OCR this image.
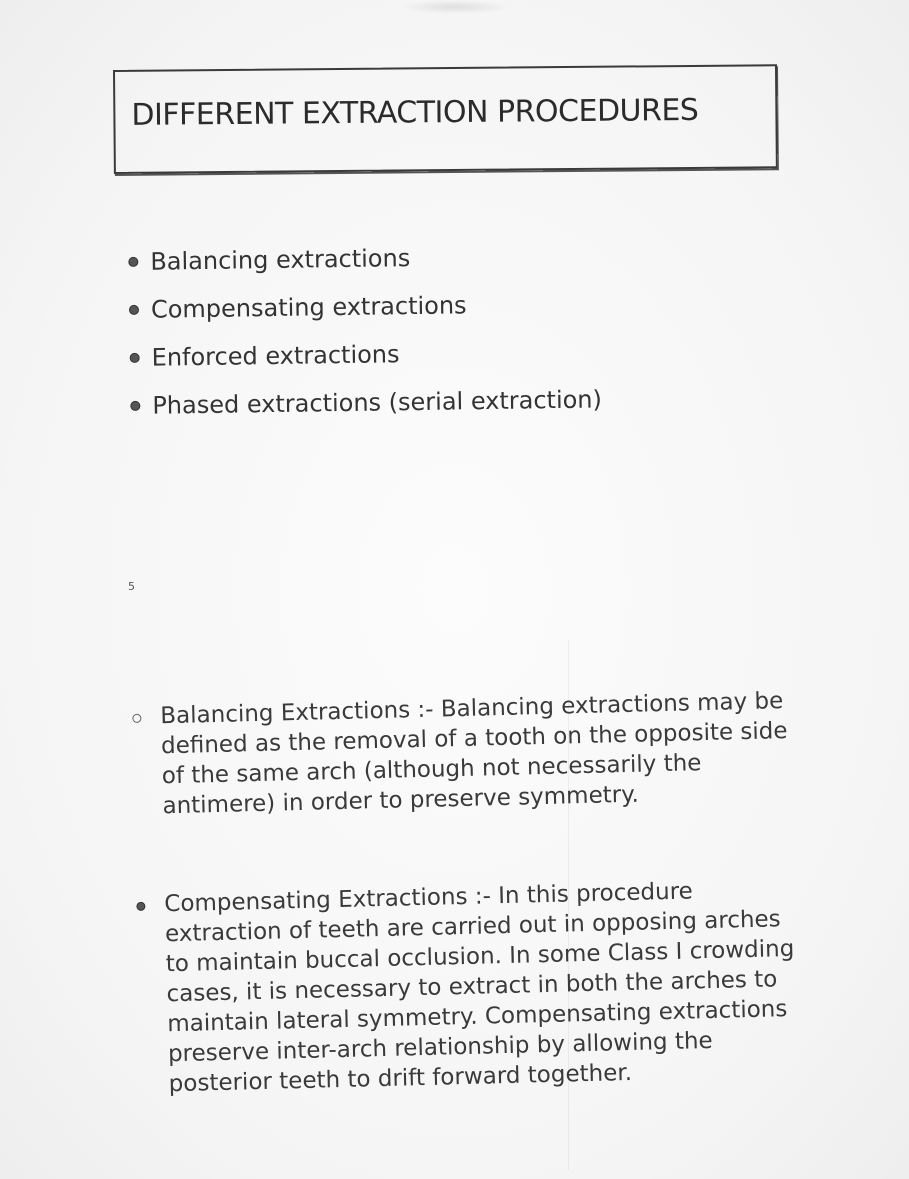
DIFFERENT EXTRACTION PROCEDURES
Balancing extractions
Compensating extractions
Enforced extractions
Phased extractions (serial extraction)
5

Balancing Extractions :- Balancing extractions may be defined as the removal of a tooth on the opposite side of the same arch (although not necessarily the antimere) in order to preserve symmetry.

Compensating Extractions :- In this procedure extraction of teeth are carried out in opposing arches to maintain buccal occlusion. In some Class I crowding cases, it is necessary to extract in both the arches to maintain lateral symmetry. Compensating extractions preserve inter-arch relationship by allowing the posterior teeth to drift forward together.
